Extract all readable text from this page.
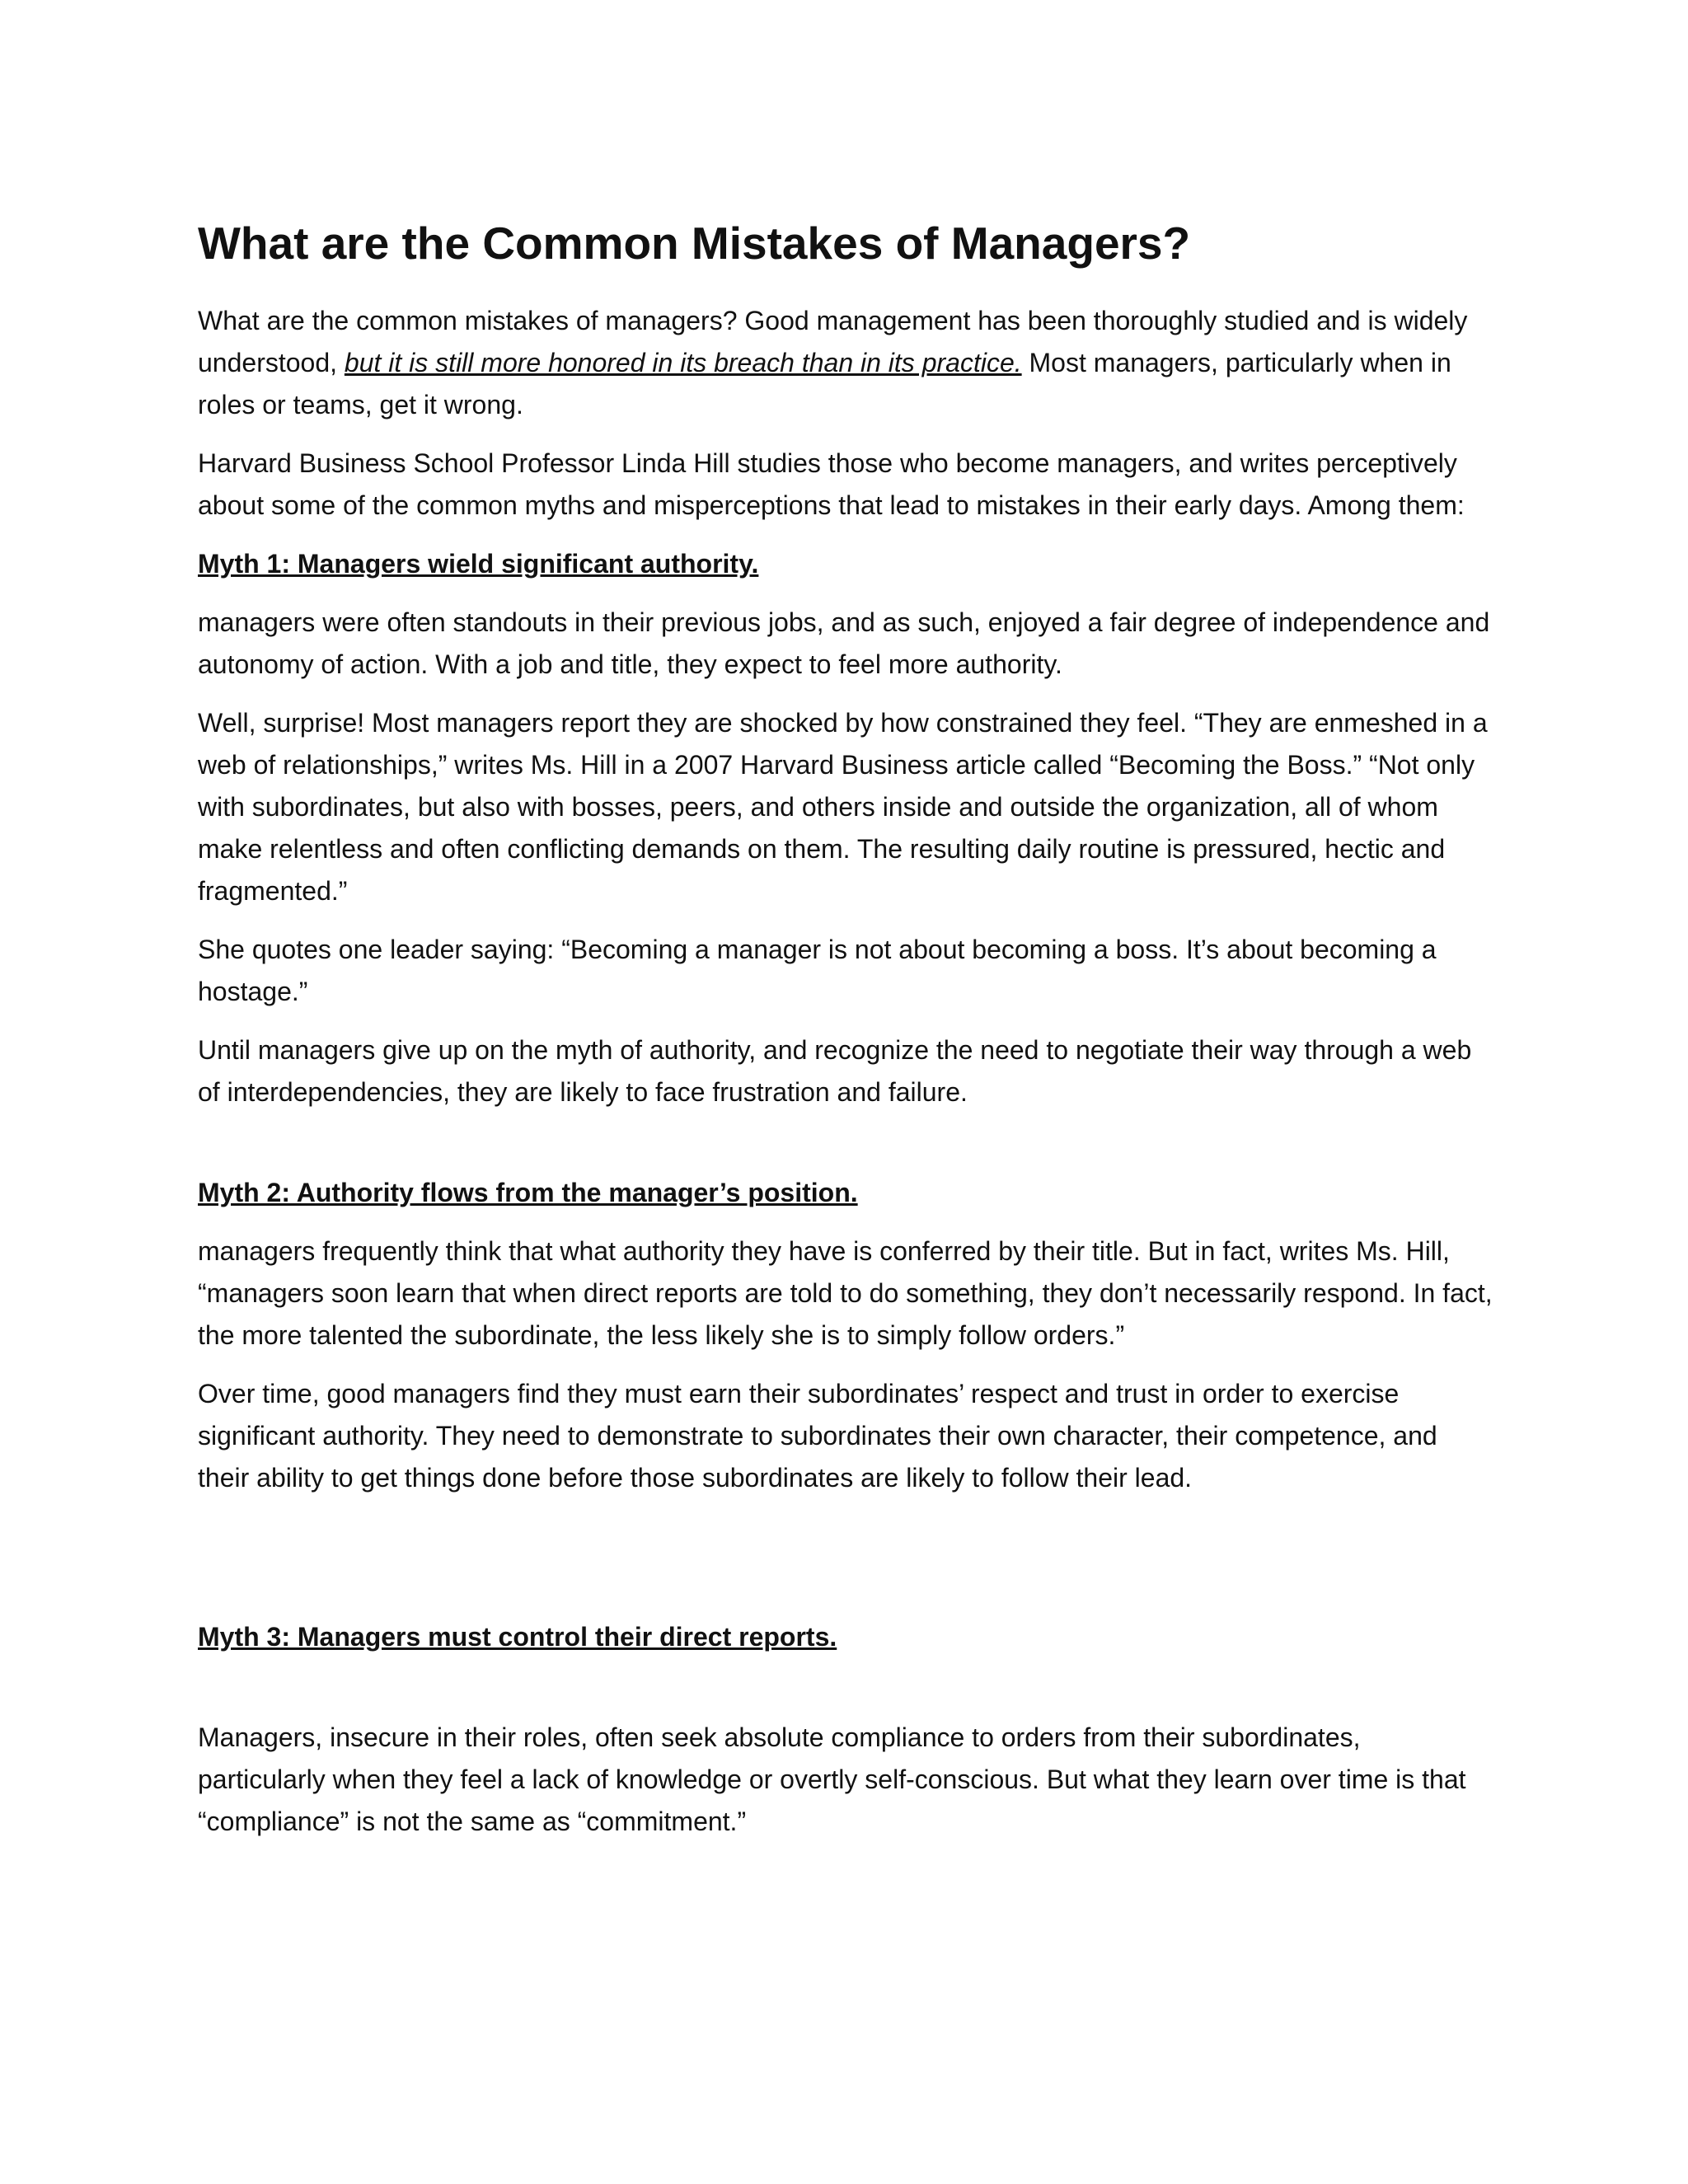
What are the Common Mistakes of Managers?

What are the common mistakes of managers? Good management has been thoroughly studied and is widely understood, but it is still more honored in its breach than in its practice. Most managers, particularly when in roles or teams, get it wrong.

Harvard Business School Professor Linda Hill studies those who become managers, and writes perceptively about some of the common myths and misperceptions that lead to mistakes in their early days. Among them:

Myth 1: Managers wield significant authority.

managers were often standouts in their previous jobs, and as such, enjoyed a fair degree of independence and autonomy of action. With a job and title, they expect to feel more authority.

Well, surprise! Most managers report they are shocked by how constrained they feel. “They are enmeshed in a web of relationships,” writes Ms. Hill in a 2007 Harvard Business article called “Becoming the Boss.” “Not only with subordinates, but also with bosses, peers, and others inside and outside the organization, all of whom make relentless and often conflicting demands on them. The resulting daily routine is pressured, hectic and fragmented.”

She quotes one leader saying: “Becoming a manager is not about becoming a boss. It’s about becoming a hostage.”

Until managers give up on the myth of authority, and recognize the need to negotiate their way through a web of interdependencies, they are likely to face frustration and failure.

Myth 2: Authority flows from the manager’s position.

managers frequently think that what authority they have is conferred by their title. But in fact, writes Ms. Hill, “managers soon learn that when direct reports are told to do something, they don’t necessarily respond. In fact, the more talented the subordinate, the less likely she is to simply follow orders.”

Over time, good managers find they must earn their subordinates’ respect and trust in order to exercise significant authority. They need to demonstrate to subordinates their own character, their competence, and their ability to get things done before those subordinates are likely to follow their lead.

Myth 3: Managers must control their direct reports.

Managers, insecure in their roles, often seek absolute compliance to orders from their subordinates, particularly when they feel a lack of knowledge or overtly self-conscious. But what they learn over time is that “compliance” is not the same as “commitment.”
